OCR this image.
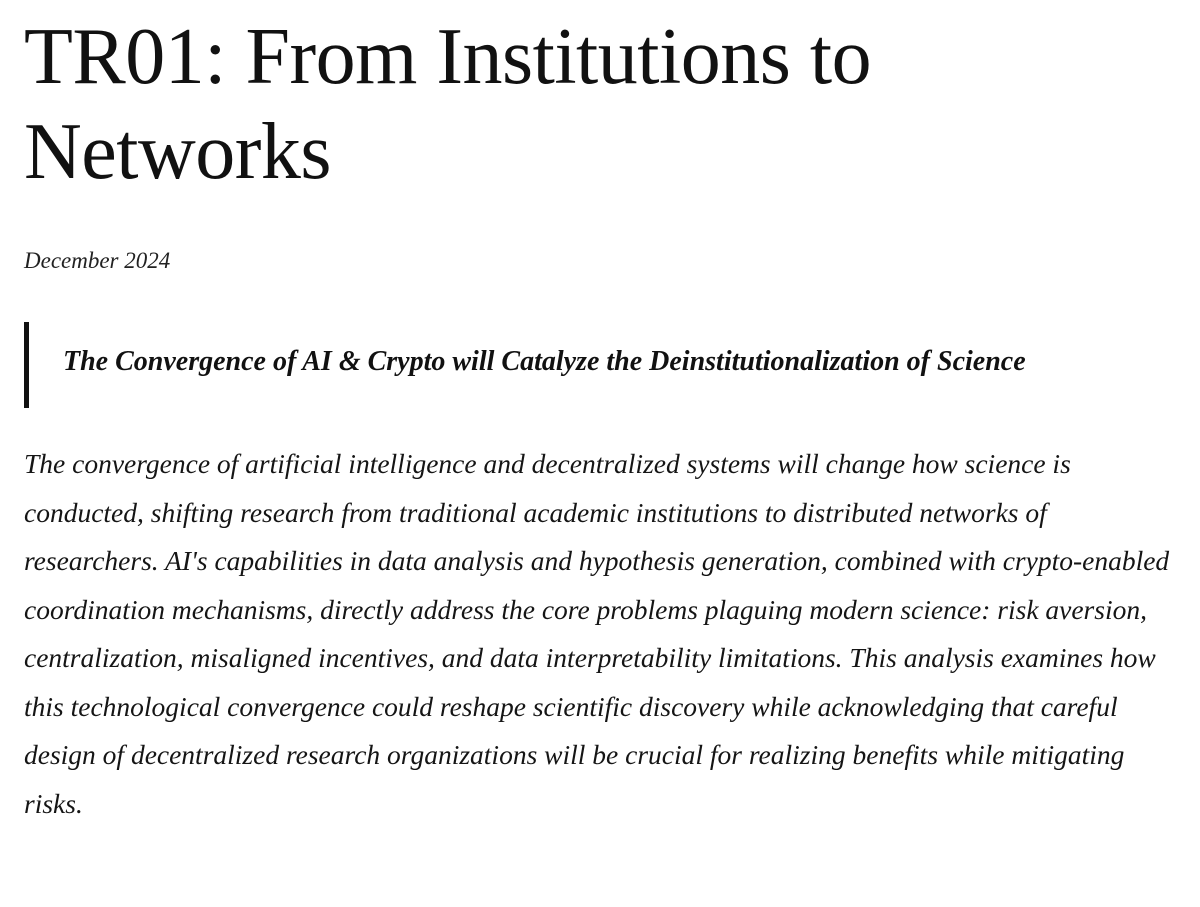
TR01: From Institutions to Networks

December 2024

The Convergence of AI & Crypto will Catalyze the Deinstitutionalization of Science

The convergence of artificial intelligence and decentralized systems will change how science is conducted, shifting research from traditional academic institutions to distributed networks of researchers. AI's capabilities in data analysis and hypothesis generation, combined with crypto-enabled coordination mechanisms, directly address the core problems plaguing modern science: risk aversion, centralization, misaligned incentives, and data interpretability limitations. This analysis examines how this technological convergence could reshape scientific discovery while acknowledging that careful design of decentralized research organizations will be crucial for realizing benefits while mitigating risks.
